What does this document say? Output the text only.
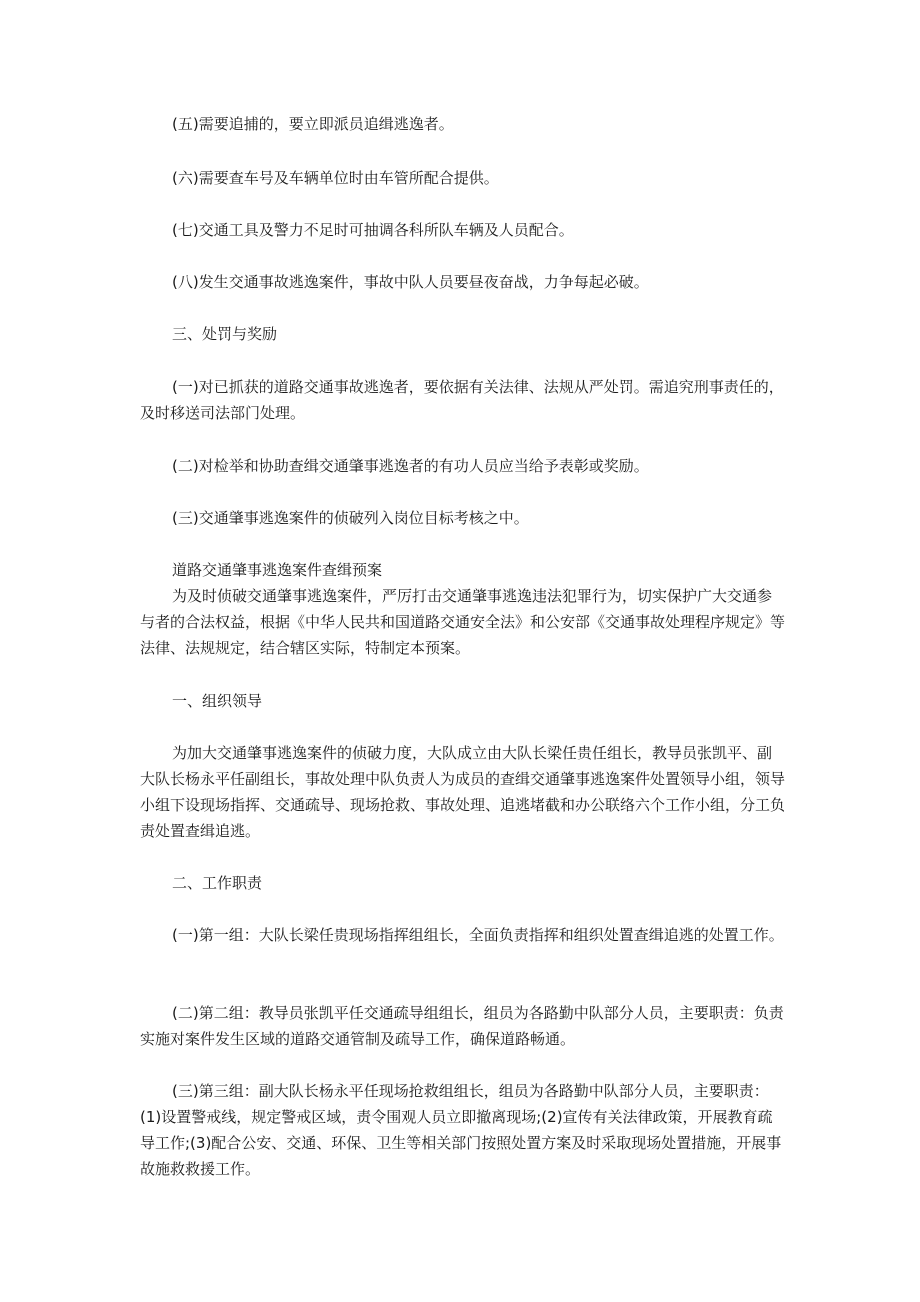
(五)需要追捕的，要立即派员追缉逃逸者。

(六)需要查车号及车辆单位时由车管所配合提供。

(七)交通工具及警力不足时可抽调各科所队车辆及人员配合。

(八)发生交通事故逃逸案件，事故中队人员要昼夜奋战，力争每起必破。

三、处罚与奖励

(一)对已抓获的道路交通事故逃逸者，要依据有关法律、法规从严处罚。需追究刑事责任的，及时移送司法部门处理。

(二)对检举和协助查缉交通肇事逃逸者的有功人员应当给予表彰或奖励。

(三)交通肇事逃逸案件的侦破列入岗位目标考核之中。

道路交通肇事逃逸案件查缉预案

为及时侦破交通肇事逃逸案件，严厉打击交通肇事逃逸违法犯罪行为，切实保护广大交通参与者的合法权益，根据《中华人民共和国道路交通安全法》和公安部《交通事故处理程序规定》等法律、法规规定，结合辖区实际，特制定本预案。

一、组织领导

为加大交通肇事逃逸案件的侦破力度，大队成立由大队长梁任贵任组长，教导员张凯平、副大队长杨永平任副组长，事故处理中队负责人为成员的查缉交通肇事逃逸案件处置领导小组，领导小组下设现场指挥、交通疏导、现场抢救、事故处理、追逃堵截和办公联络六个工作小组，分工负责处置查缉追逃。

二、工作职责

(一)第一组：大队长梁任贵现场指挥组组长，全面负责指挥和组织处置查缉追逃的处置工作。

(二)第二组：教导员张凯平任交通疏导组组长，组员为各路勤中队部分人员，主要职责：负责实施对案件发生区域的道路交通管制及疏导工作，确保道路畅通。

(三)第三组：副大队长杨永平任现场抢救组组长，组员为各路勤中队部分人员，主要职责：(1)设置警戒线，规定警戒区域，责令围观人员立即撤离现场;(2)宣传有关法律政策，开展教育疏导工作;(3)配合公安、交通、环保、卫生等相关部门按照处置方案及时采取现场处置措施，开展事故施救救援工作。
